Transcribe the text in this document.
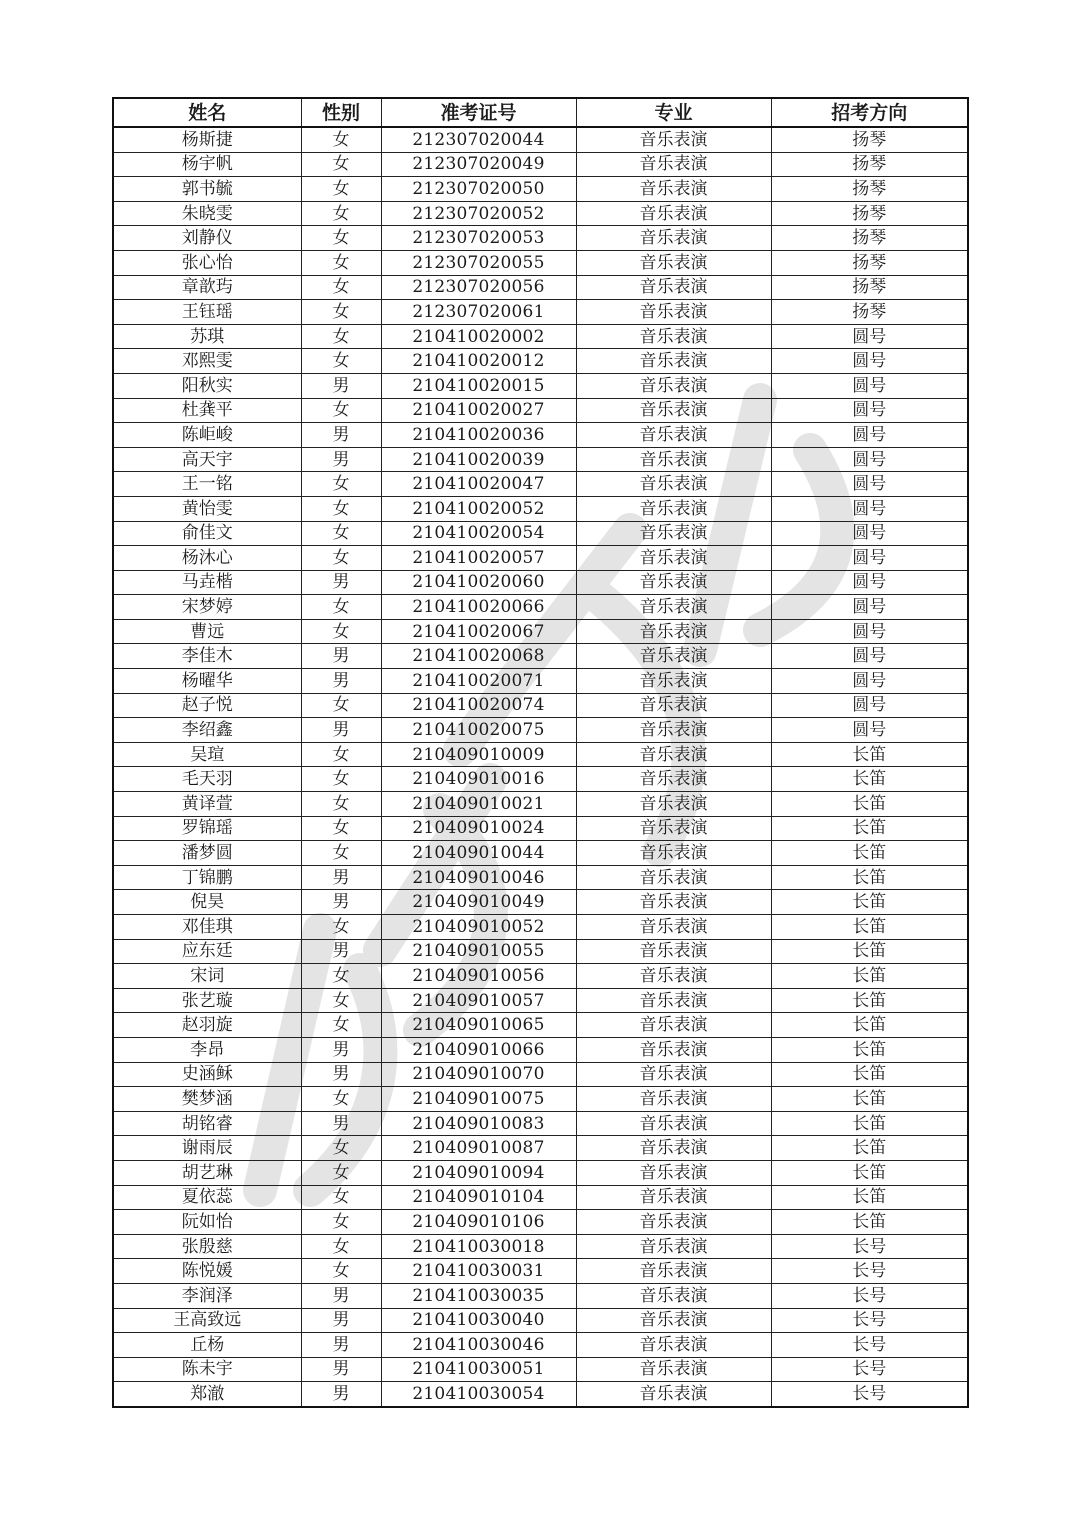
姓名	性别	准考证号	专业	招考方向
杨斯捷	女	212307020044	音乐表演	扬琴
杨宇帆	女	212307020049	音乐表演	扬琴
郭书毓	女	212307020050	音乐表演	扬琴
朱晓雯	女	212307020052	音乐表演	扬琴
刘静仪	女	212307020053	音乐表演	扬琴
张心怡	女	212307020055	音乐表演	扬琴
章歆玙	女	212307020056	音乐表演	扬琴
王钰瑶	女	212307020061	音乐表演	扬琴
苏琪	女	210410020002	音乐表演	圆号
邓熙雯	女	210410020012	音乐表演	圆号
阳秋实	男	210410020015	音乐表演	圆号
杜龚平	女	210410020027	音乐表演	圆号
陈岠峻	男	210410020036	音乐表演	圆号
高天宇	男	210410020039	音乐表演	圆号
王一铭	女	210410020047	音乐表演	圆号
黄怡雯	女	210410020052	音乐表演	圆号
俞佳文	女	210410020054	音乐表演	圆号
杨沐心	女	210410020057	音乐表演	圆号
马垚楷	男	210410020060	音乐表演	圆号
宋梦婷	女	210410020066	音乐表演	圆号
曹远	女	210410020067	音乐表演	圆号
李佳木	男	210410020068	音乐表演	圆号
杨曜华	男	210410020071	音乐表演	圆号
赵子悦	女	210410020074	音乐表演	圆号
李绍鑫	男	210410020075	音乐表演	圆号
吴瑄	女	210409010009	音乐表演	长笛
毛天羽	女	210409010016	音乐表演	长笛
黄译萱	女	210409010021	音乐表演	长笛
罗锦瑶	女	210409010024	音乐表演	长笛
潘梦圆	女	210409010044	音乐表演	长笛
丁锦鹏	男	210409010046	音乐表演	长笛
倪昊	男	210409010049	音乐表演	长笛
邓佳琪	女	210409010052	音乐表演	长笛
应东廷	男	210409010055	音乐表演	长笛
宋词	女	210409010056	音乐表演	长笛
张艺璇	女	210409010057	音乐表演	长笛
赵羽旋	女	210409010065	音乐表演	长笛
李昂	男	210409010066	音乐表演	长笛
史涵稣	男	210409010070	音乐表演	长笛
樊梦涵	女	210409010075	音乐表演	长笛
胡铭睿	男	210409010083	音乐表演	长笛
谢雨辰	女	210409010087	音乐表演	长笛
胡艺琳	女	210409010094	音乐表演	长笛
夏依蕊	女	210409010104	音乐表演	长笛
阮如怡	女	210409010106	音乐表演	长笛
张殷慈	女	210410030018	音乐表演	长号
陈悦媛	女	210410030031	音乐表演	长号
李润泽	男	210410030035	音乐表演	长号
王高致远	男	210410030040	音乐表演	长号
丘杨	男	210410030046	音乐表演	长号
陈未宇	男	210410030051	音乐表演	长号
郑澈	男	210410030054	音乐表演	长号
